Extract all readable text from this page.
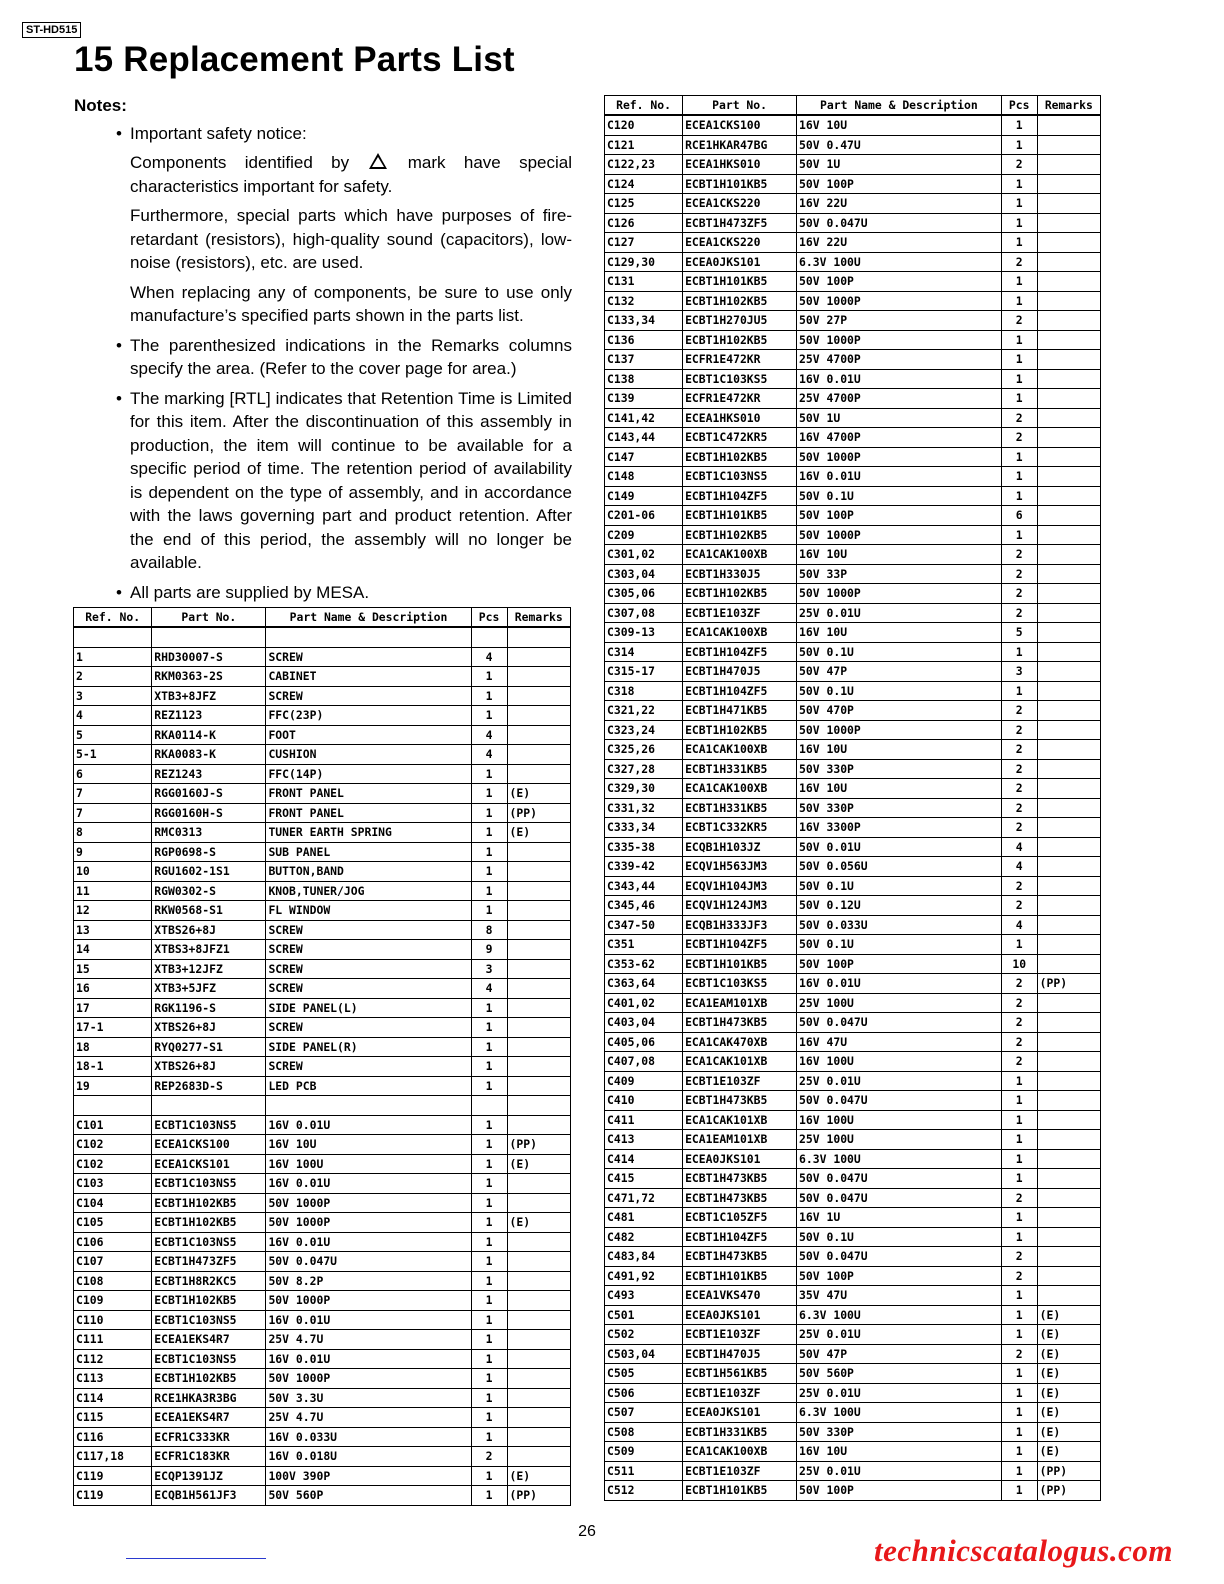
ST-HD515
15 Replacement Parts List
Notes:
• Important safety notice:
Components identified by	mark have special characteristics important for safety.
Furthermore, special parts which have purposes of fire-retardant (resistors), high-quality sound (capacitors), low-noise (resistors), etc. are used.
When replacing any of components, be sure to use only manufacture’s specified parts shown in the parts list.
• The parenthesized indications in the Remarks columns specify the area. (Refer to the cover page for area.)
• The marking [RTL] indicates that Retention Time is Limited for this item. After the discontinuation of this assembly in production, the item will continue to be available for a specific period of time. The retention period of availability is dependent on the type of assembly, and in accordance with the laws governing part and product retention. After the end of this period, the assembly will no longer be available.
• All parts are supplied by MESA.
Ref. No.	Part No.	Part Name & Description	Pcs	Remarks

1	RHD30007-S	SCREW	4	
2	RKM0363-2S	CABINET	1	
3	XTB3+8JFZ	SCREW	1	
4	REZ1123	FFC(23P)	1	
5	RKA0114-K	FOOT	4	
5-1	RKA0083-K	CUSHION	4	
6	REZ1243	FFC(14P)	1	
7	RGG0160J-S	FRONT PANEL	1	(E)
7	RGG0160H-S	FRONT PANEL	1	(PP)
8	RMC0313	TUNER EARTH SPRING	1	(E)
9	RGP0698-S	SUB PANEL	1	
10	RGU1602-1S1	BUTTON,BAND	1	
11	RGW0302-S	KNOB,TUNER/JOG	1	
12	RKW0568-S1	FL WINDOW	1	
13	XTBS26+8J	SCREW	8	
14	XTBS3+8JFZ1	SCREW	9	
15	XTB3+12JFZ	SCREW	3	
16	XTB3+5JFZ	SCREW	4	
17	RGK1196-S	SIDE PANEL(L)	1	
17-1	XTBS26+8J	SCREW	1	
18	RYQ0277-S1	SIDE PANEL(R)	1	
18-1	XTBS26+8J	SCREW	1	
19	REP2683D-S	LED PCB	1	

C101	ECBT1C103NS5	16V 0.01U	1	
C102	ECEA1CKS100	16V 10U	1	(PP)
C102	ECEA1CKS101	16V 100U	1	(E)
C103	ECBT1C103NS5	16V 0.01U	1	
C104	ECBT1H102KB5	50V 1000P	1	
C105	ECBT1H102KB5	50V 1000P	1	(E)
C106	ECBT1C103NS5	16V 0.01U	1	
C107	ECBT1H473ZF5	50V 0.047U	1	
C108	ECBT1H8R2KC5	50V 8.2P	1	
C109	ECBT1H102KB5	50V 1000P	1	
C110	ECBT1C103NS5	16V 0.01U	1	
C111	ECEA1EKS4R7	25V 4.7U	1	
C112	ECBT1C103NS5	16V 0.01U	1	
C113	ECBT1H102KB5	50V 1000P	1	
C114	RCE1HKA3R3BG	50V 3.3U	1	
C115	ECEA1EKS4R7	25V 4.7U	1	
C116	ECFR1C333KR	16V 0.033U	1	
C117,18	ECFR1C183KR	16V 0.018U	2	
C119	ECQP1391JZ	100V 390P	1	(E)
C119	ECQB1H561JF3	50V 560P	1	(PP)
Ref. No.	Part No.	Part Name & Description	Pcs	Remarks
C120	ECEA1CKS100	16V 10U	1	
C121	RCE1HKAR47BG	50V 0.47U	1	
C122,23	ECEA1HKS010	50V 1U	2	
C124	ECBT1H101KB5	50V 100P	1	
C125	ECEA1CKS220	16V 22U	1	
C126	ECBT1H473ZF5	50V 0.047U	1	
C127	ECEA1CKS220	16V 22U	1	
C129,30	ECEA0JKS101	6.3V 100U	2	
C131	ECBT1H101KB5	50V 100P	1	
C132	ECBT1H102KB5	50V 1000P	1	
C133,34	ECBT1H270JU5	50V 27P	2	
C136	ECBT1H102KB5	50V 1000P	1	
C137	ECFR1E472KR	25V 4700P	1	
C138	ECBT1C103KS5	16V 0.01U	1	
C139	ECFR1E472KR	25V 4700P	1	
C141,42	ECEA1HKS010	50V 1U	2	
C143,44	ECBT1C472KR5	16V 4700P	2	
C147	ECBT1H102KB5	50V 1000P	1	
C148	ECBT1C103NS5	16V 0.01U	1	
C149	ECBT1H104ZF5	50V 0.1U	1	
C201-06	ECBT1H101KB5	50V 100P	6	
C209	ECBT1H102KB5	50V 1000P	1	
C301,02	ECA1CAK100XB	16V 10U	2	
C303,04	ECBT1H330J5	50V 33P	2	
C305,06	ECBT1H102KB5	50V 1000P	2	
C307,08	ECBT1E103ZF	25V 0.01U	2	
C309-13	ECA1CAK100XB	16V 10U	5	
C314	ECBT1H104ZF5	50V 0.1U	1	
C315-17	ECBT1H470J5	50V 47P	3	
C318	ECBT1H104ZF5	50V 0.1U	1	
C321,22	ECBT1H471KB5	50V 470P	2	
C323,24	ECBT1H102KB5	50V 1000P	2	
C325,26	ECA1CAK100XB	16V 10U	2	
C327,28	ECBT1H331KB5	50V 330P	2	
C329,30	ECA1CAK100XB	16V 10U	2	
C331,32	ECBT1H331KB5	50V 330P	2	
C333,34	ECBT1C332KR5	16V 3300P	2	
C335-38	ECQB1H103JZ	50V 0.01U	4	
C339-42	ECQV1H563JM3	50V 0.056U	4	
C343,44	ECQV1H104JM3	50V 0.1U	2	
C345,46	ECQV1H124JM3	50V 0.12U	2	
C347-50	ECQB1H333JF3	50V 0.033U	4	
C351	ECBT1H104ZF5	50V 0.1U	1	
C353-62	ECBT1H101KB5	50V 100P	10	
C363,64	ECBT1C103KS5	16V 0.01U	2	(PP)
C401,02	ECA1EAM101XB	25V 100U	2	
C403,04	ECBT1H473KB5	50V 0.047U	2	
C405,06	ECA1CAK470XB	16V 47U	2	
C407,08	ECA1CAK101XB	16V 100U	2	
C409	ECBT1E103ZF	25V 0.01U	1	
C410	ECBT1H473KB5	50V 0.047U	1	
C411	ECA1CAK101XB	16V 100U	1	
C413	ECA1EAM101XB	25V 100U	1	
C414	ECEA0JKS101	6.3V 100U	1	
C415	ECBT1H473KB5	50V 0.047U	1	
C471,72	ECBT1H473KB5	50V 0.047U	2	
C481	ECBT1C105ZF5	16V 1U	1	
C482	ECBT1H104ZF5	50V 0.1U	1	
C483,84	ECBT1H473KB5	50V 0.047U	2	
C491,92	ECBT1H101KB5	50V 100P	2	
C493	ECEA1VKS470	35V 47U	1	
C501	ECEA0JKS101	6.3V 100U	1	(E)
C502	ECBT1E103ZF	25V 0.01U	1	(E)
C503,04	ECBT1H470J5	50V 47P	2	(E)
C505	ECBT1H561KB5	50V 560P	1	(E)
C506	ECBT1E103ZF	25V 0.01U	1	(E)
C507	ECEA0JKS101	6.3V 100U	1	(E)
C508	ECBT1H331KB5	50V 330P	1	(E)
C509	ECA1CAK100XB	16V 10U	1	(E)
C511	ECBT1E103ZF	25V 0.01U	1	(PP)
C512	ECBT1H101KB5	50V 100P	1	(PP)
26
technicscatalogus.com
